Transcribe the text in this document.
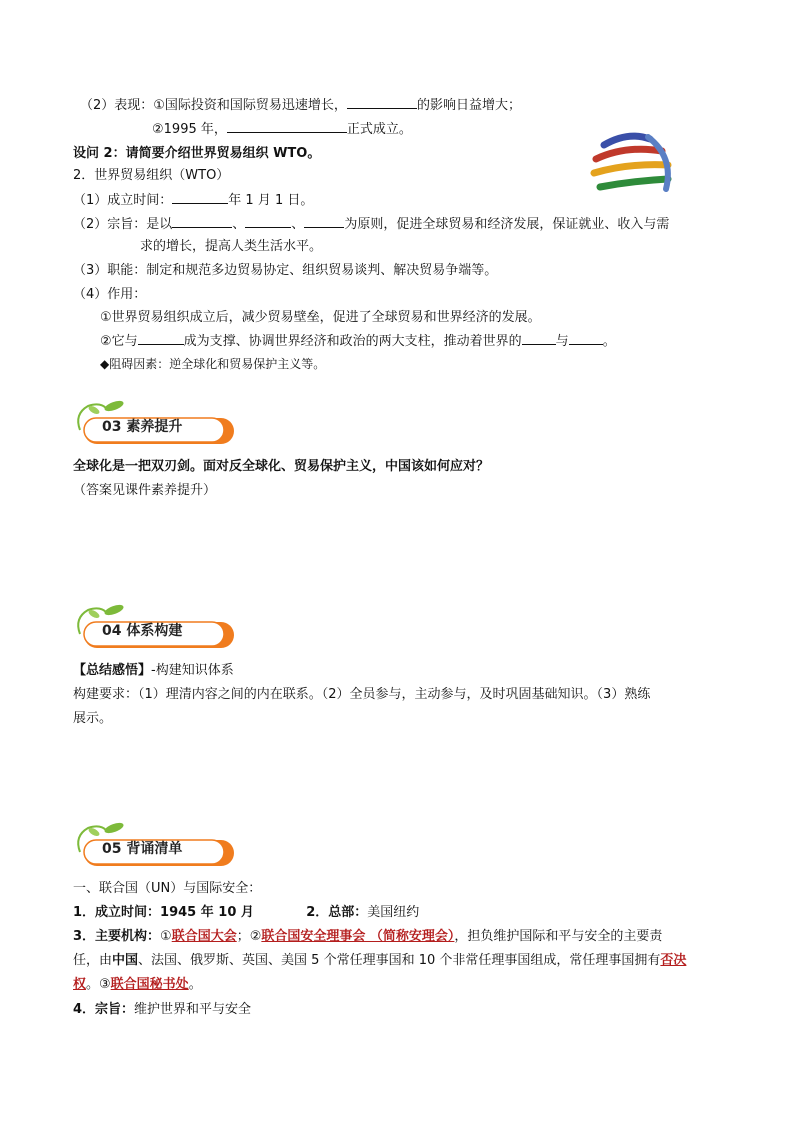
（2）表现：①国际投资和国际贸易迅速增长，	的影响日益增大；
②1995 年，	正式成立。
设问 2：请简要介绍世界贸易组织 WTO。
2．世界贸易组织（WTO）
（1）成立时间：	年 1 月 1 日。
（2）宗旨：是以	、	、	为原则，促进全球贸易和经济发展，保证就业、收入与需
求的增长，提高人类生活水平。
（3）职能：制定和规范多边贸易协定、组织贸易谈判、解决贸易争端等。
（4）作用：
①世界贸易组织成立后，减少贸易壁垒，促进了全球贸易和世界经济的发展。
②它与	成为支撑、协调世界经济和政治的两大支柱，推动着世界的	与	。
◆阻碍因素：逆全球化和贸易保护主义等。
03 素养提升
全球化是一把双刃剑。面对反全球化、贸易保护主义，中国该如何应对？
（答案见课件素养提升）
04 体系构建
【总结感悟】-构建知识体系
构建要求：（1）理清内容之间的内在联系。（2）全员参与，主动参与，及时巩固基础知识。（3）熟练
展示。
05 背诵清单
一、联合国（UN）与国际安全：
1．成立时间：1945 年 10 月	2．总部：美国纽约
3．主要机构：①联合国大会；②联合国安全理事会 （简称安理会），担负维护国际和平与安全的主要责
任，由中国、法国、俄罗斯、英国、美国 5 个常任理事国和 10 个非常任理事国组成，常任理事国拥有否决
权。③联合国秘书处。
4．宗旨：维护世界和平与安全
